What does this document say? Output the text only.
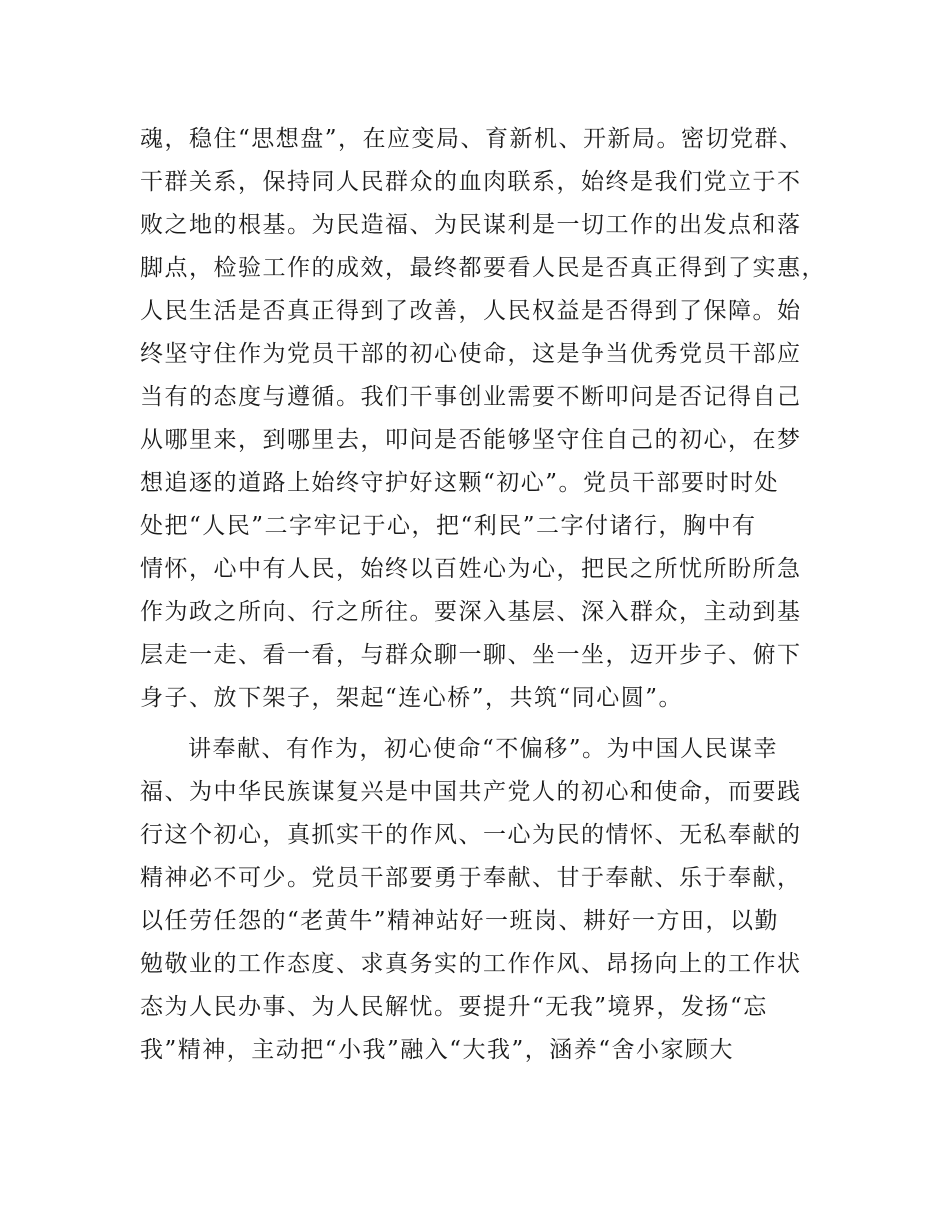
魂，稳住“思想盘”，在应变局、育新机、开新局。密切党群、
干群关系，保持同人民群众的血肉联系，始终是我们党立于不
败之地的根基。为民造福、为民谋利是一切工作的出发点和落
脚点，检验工作的成效，最终都要看人民是否真正得到了实惠，
人民生活是否真正得到了改善，人民权益是否得到了保障。始
终坚守住作为党员干部的初心使命，这是争当优秀党员干部应
当有的态度与遵循。我们干事创业需要不断叩问是否记得自己
从哪里来，到哪里去，叩问是否能够坚守住自己的初心，在梦
想追逐的道路上始终守护好这颗“初心”。党员干部要时时处
处把“人民”二字牢记于心，把“利民”二字付诸行，胸中有
情怀，心中有人民，始终以百姓心为心，把民之所忧所盼所急
作为政之所向、行之所往。要深入基层、深入群众，主动到基
层走一走、看一看，与群众聊一聊、坐一坐，迈开步子、俯下
身子、放下架子，架起“连心桥”，共筑“同心圆”。
讲奉献、有作为，初心使命“不偏移”。为中国人民谋幸
福、为中华民族谋复兴是中国共产党人的初心和使命，而要践
行这个初心，真抓实干的作风、一心为民的情怀、无私奉献的
精神必不可少。党员干部要勇于奉献、甘于奉献、乐于奉献，
以任劳任怨的“老黄牛”精神站好一班岗、耕好一方田，以勤
勉敬业的工作态度、求真务实的工作作风、昂扬向上的工作状
态为人民办事、为人民解忧。要提升“无我”境界，发扬“忘
我”精神，主动把“小我”融入“大我”，涵养“舍小家顾大
